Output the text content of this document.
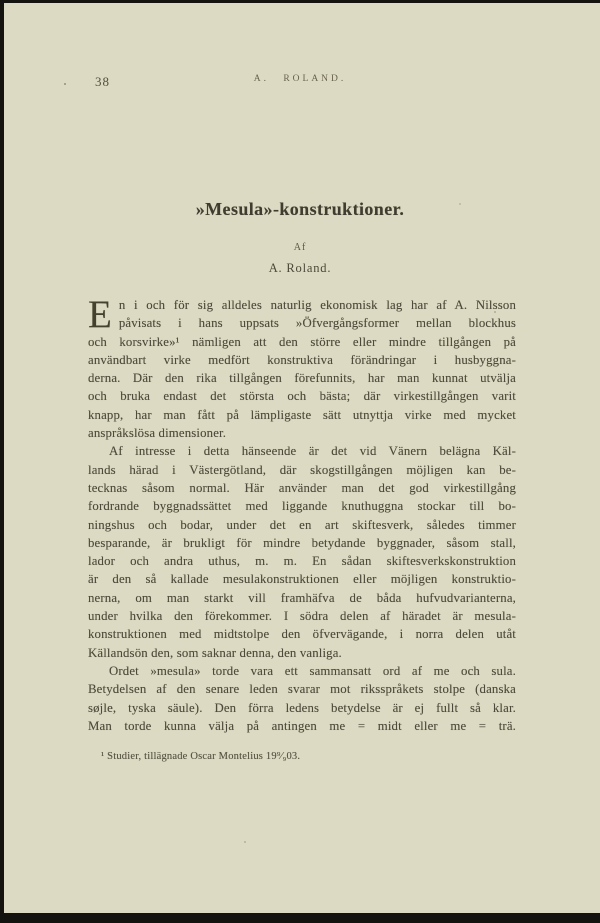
38	A. ROLAND.
»Mesula»-konstruktioner.
Af
A. Roland.
E n i och för sig alldeles naturlig ekonomisk lag har af A. Nilsson
påvisats i hans uppsats »Öfvergångsformer mellan blockhus
och korsvirke»¹ nämligen att den större eller mindre tillgången på
användbart virke medfört konstruktiva förändringar i husbyggna-
derna. Där den rika tillgången förefunnits, har man kunnat utvälja
och bruka endast det största och bästa; där virkestillgången varit
knapp, har man fått på lämpligaste sätt utnyttja virke med mycket
anspråkslösa dimensioner.
Af intresse i detta hänseende är det vid Vänern belägna Käl-
lands härad i Västergötland, där skogstillgången möjligen kan be-
tecknas såsom normal. Här använder man det god virkestillgång
fordrande byggnadssättet med liggande knuthuggna stockar till bo-
ningshus och bodar, under det en art skiftesverk, således timmer
besparande, är brukligt för mindre betydande byggnader, såsom stall,
lador och andra uthus, m. m. En sådan skiftesverkskonstruktion
är den så kallade mesulakonstruktionen eller möjligen konstruktio-
nerna, om man starkt vill framhäfva de båda hufvudvarianterna,
under hvilka den förekommer. I södra delen af häradet är mesula-
konstruktionen med midtstolpe den öfvervägande, i norra delen utåt
Källandsön den, som saknar denna, den vanliga.
Ordet »mesula» torde vara ett sammansatt ord af me och sula.
Betydelsen af den senare leden svarar mot riksspråkets stolpe (danska
søjle, tyska säule). Den förra ledens betydelse är ej fullt så klar.
Man torde kunna välja på antingen me = midt eller me = trä.
¹ Studier, tillägnade Oscar Montelius 19⁹⁄₉03.
